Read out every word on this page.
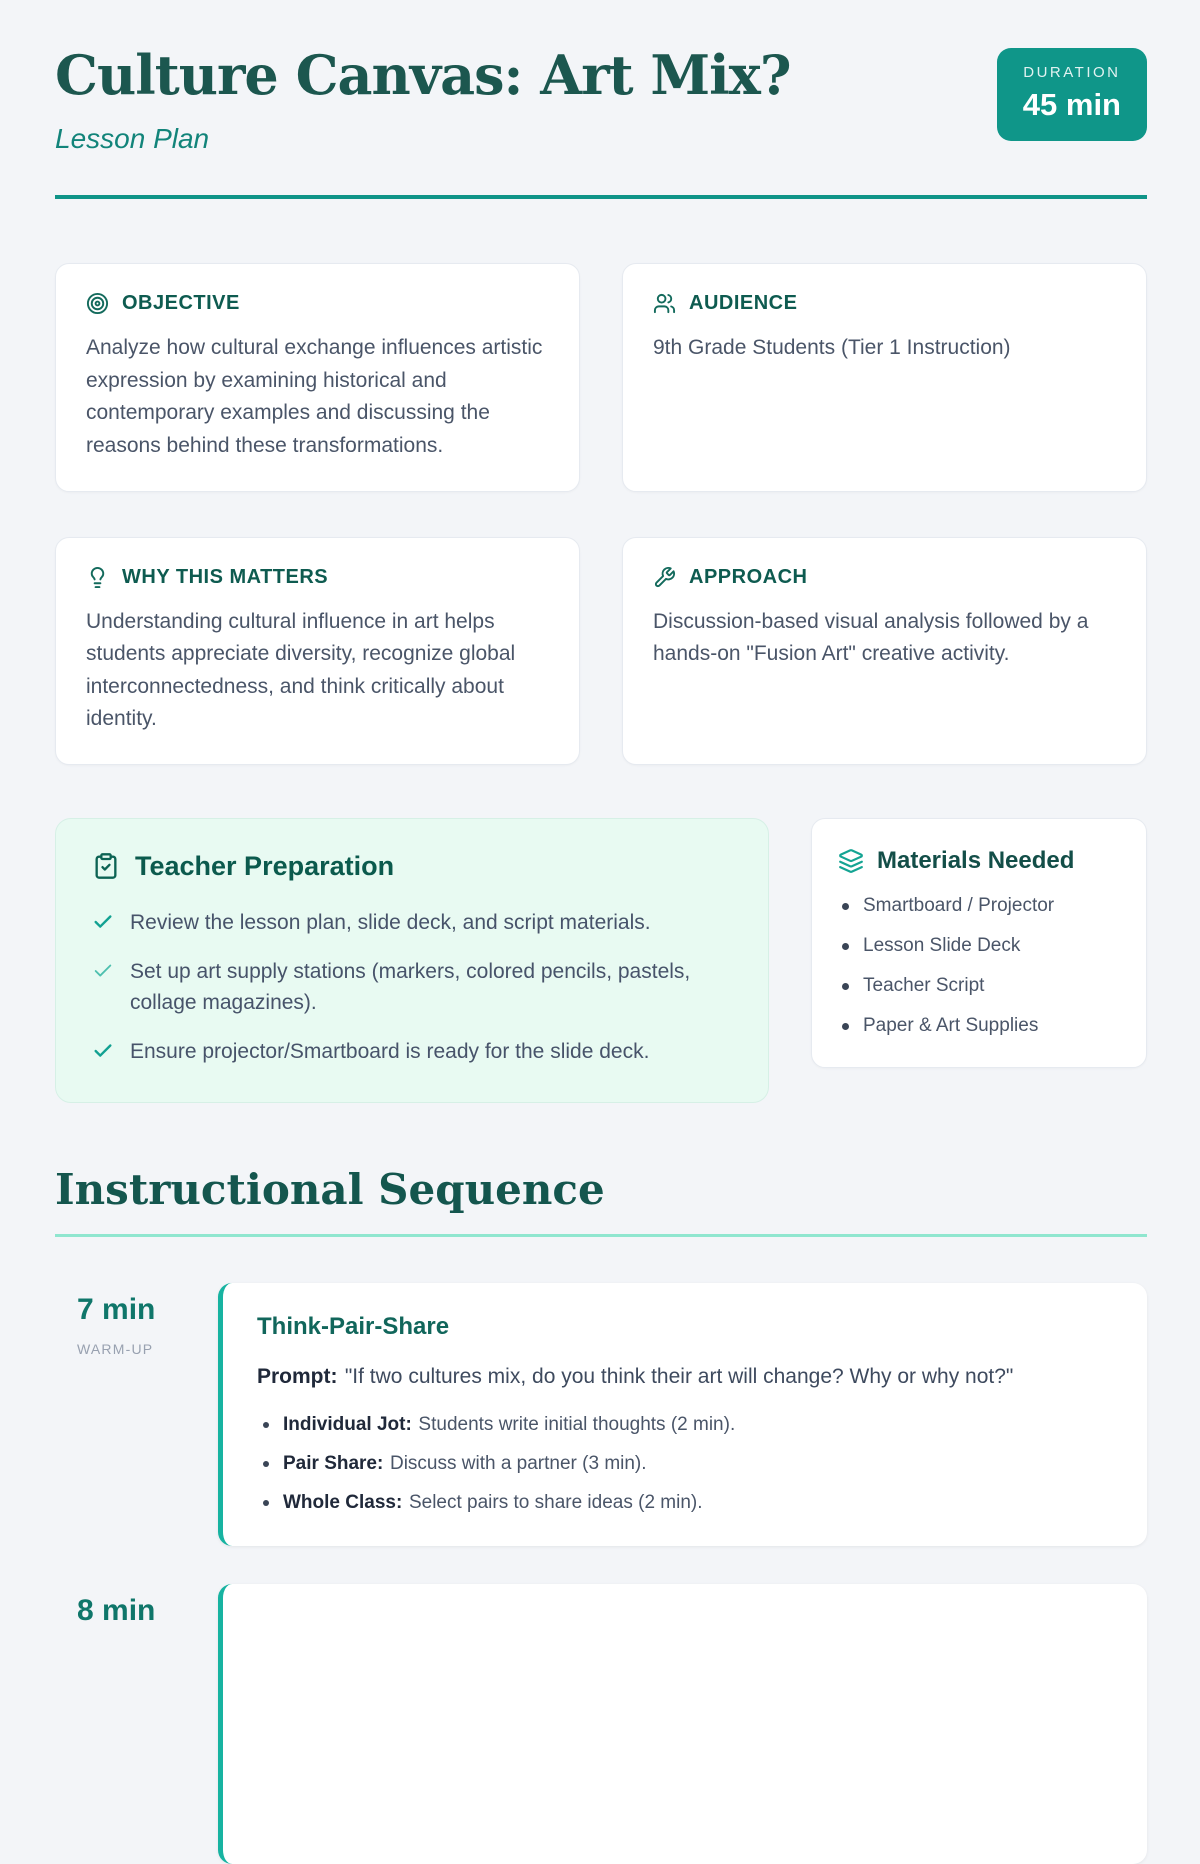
Culture Canvas: Art Mix?
Lesson Plan
DURATION
45 min
OBJECTIVE
Analyze how cultural exchange influences artistic expression by examining historical and contemporary examples and discussing the reasons behind these transformations.
AUDIENCE
9th Grade Students (Tier 1 Instruction)
WHY THIS MATTERS
Understanding cultural influence in art helps students appreciate diversity, recognize global interconnectedness, and think critically about identity.
APPROACH
Discussion-based visual analysis followed by a hands-on "Fusion Art" creative activity.
Teacher Preparation
Review the lesson plan, slide deck, and script materials.
Set up art supply stations (markers, colored pencils, pastels, collage magazines).
Ensure projector/Smartboard is ready for the slide deck.
Materials Needed
Smartboard / Projector
Lesson Slide Deck
Teacher Script
Paper & Art Supplies
Instructional Sequence
7 min
WARM-UP
Think-Pair-Share
Prompt: "If two cultures mix, do you think their art will change? Why or why not?"
Individual Jot: Students write initial thoughts (2 min).
Pair Share: Discuss with a partner (3 min).
Whole Class: Select pairs to share ideas (2 min).
8 min
